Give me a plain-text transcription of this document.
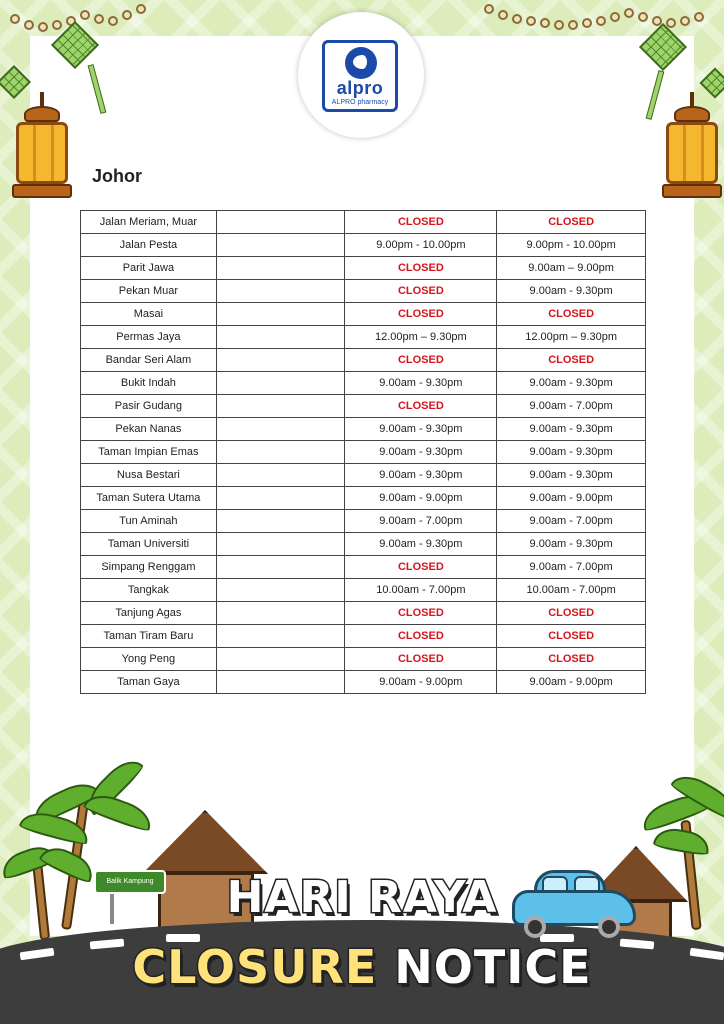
alpro
ALPRO pharmacy
Johor
Jalan Meriam, Muar		CLOSED	CLOSED
Jalan Pesta		9.00pm - 10.00pm	9.00pm - 10.00pm
Parit Jawa		CLOSED	9.00am – 9.00pm
Pekan Muar		CLOSED	9.00am - 9.30pm
Masai		CLOSED	CLOSED
Permas Jaya		12.00pm – 9.30pm	12.00pm – 9.30pm
Bandar Seri Alam		CLOSED	CLOSED
Bukit Indah		9.00am - 9.30pm	9.00am - 9.30pm
Pasir Gudang		CLOSED	9.00am - 7.00pm
Pekan Nanas		9.00am - 9.30pm	9.00am - 9.30pm
Taman Impian Emas		9.00am - 9.30pm	9.00am - 9.30pm
Nusa Bestari		9.00am - 9.30pm	9.00am - 9.30pm
Taman Sutera Utama		9.00am - 9.00pm	9.00am - 9.00pm
Tun Aminah		9.00am - 7.00pm	9.00am - 7.00pm
Taman Universiti		9.00am - 9.30pm	9.00am - 9.30pm
Simpang Renggam		CLOSED	9.00am - 7.00pm
Tangkak		10.00am - 7.00pm	10.00am - 7.00pm
Tanjung Agas		CLOSED	CLOSED
Taman Tiram Baru		CLOSED	CLOSED
Yong Peng		CLOSED	CLOSED
Taman Gaya		9.00am - 9.00pm	9.00am - 9.00pm
Balik Kampung	HARI RAYA
CLOSURE NOTICE
